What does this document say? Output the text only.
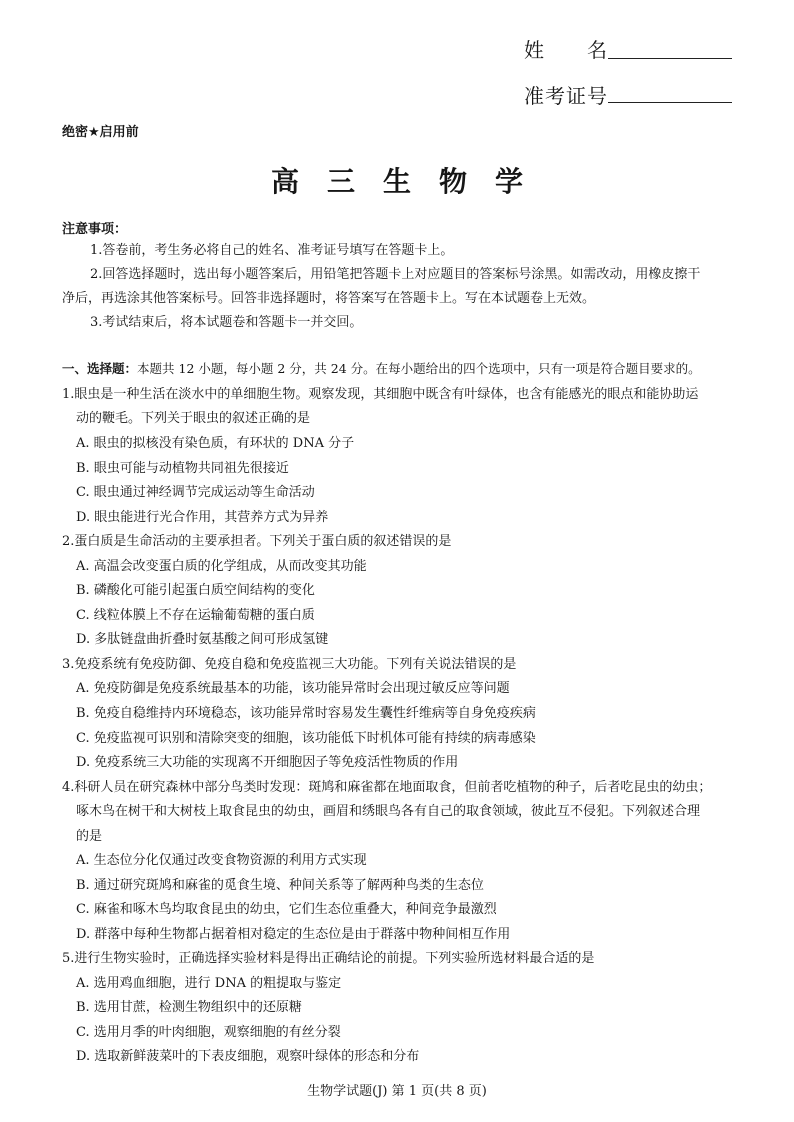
姓　　名
准考证号
绝密★启用前
高三生物学
注意事项：
1.答卷前，考生务必将自己的姓名、准考证号填写在答题卡上。
2.回答选择题时，选出每小题答案后，用铅笔把答题卡上对应题目的答案标号涂黑。如需改动，用橡皮擦干
净后，再选涂其他答案标号。回答非选择题时，将答案写在答题卡上。写在本试题卷上无效。
3.考试结束后，将本试题卷和答题卡一并交回。
一、选择题：本题共 12 小题，每小题 2 分，共 24 分。在每小题给出的四个选项中，只有一项是符合题目要求的。
1.眼虫是一种生活在淡水中的单细胞生物。观察发现，其细胞中既含有叶绿体，也含有能感光的眼点和能协助运
动的鞭毛。下列关于眼虫的叙述正确的是
A. 眼虫的拟核没有染色质，有环状的 DNA 分子
B. 眼虫可能与动植物共同祖先很接近
C. 眼虫通过神经调节完成运动等生命活动
D. 眼虫能进行光合作用，其营养方式为异养
2.蛋白质是生命活动的主要承担者。下列关于蛋白质的叙述错误的是
A. 高温会改变蛋白质的化学组成，从而改变其功能
B. 磷酸化可能引起蛋白质空间结构的变化
C. 线粒体膜上不存在运输葡萄糖的蛋白质
D. 多肽链盘曲折叠时氨基酸之间可形成氢键
3.免疫系统有免疫防御、免疫自稳和免疫监视三大功能。下列有关说法错误的是
A. 免疫防御是免疫系统最基本的功能，该功能异常时会出现过敏反应等问题
B. 免疫自稳维持内环境稳态，该功能异常时容易发生囊性纤维病等自身免疫疾病
C. 免疫监视可识别和清除突变的细胞，该功能低下时机体可能有持续的病毒感染
D. 免疫系统三大功能的实现离不开细胞因子等免疫活性物质的作用
4.科研人员在研究森林中部分鸟类时发现：斑鸠和麻雀都在地面取食，但前者吃植物的种子，后者吃昆虫的幼虫；
啄木鸟在树干和大树枝上取食昆虫的幼虫，画眉和绣眼鸟各有自己的取食领域，彼此互不侵犯。下列叙述合理
的是
A. 生态位分化仅通过改变食物资源的利用方式实现
B. 通过研究斑鸠和麻雀的觅食生境、种间关系等了解两种鸟类的生态位
C. 麻雀和啄木鸟均取食昆虫的幼虫，它们生态位重叠大，种间竞争最激烈
D. 群落中每种生物都占据着相对稳定的生态位是由于群落中物种间相互作用
5.进行生物实验时，正确选择实验材料是得出正确结论的前提。下列实验所选材料最合适的是
A. 选用鸡血细胞，进行 DNA 的粗提取与鉴定
B. 选用甘蔗，检测生物组织中的还原糖
C. 选用月季的叶肉细胞，观察细胞的有丝分裂
D. 选取新鲜菠菜叶的下表皮细胞，观察叶绿体的形态和分布
生物学试题(J) 第 1 页(共 8 页)
